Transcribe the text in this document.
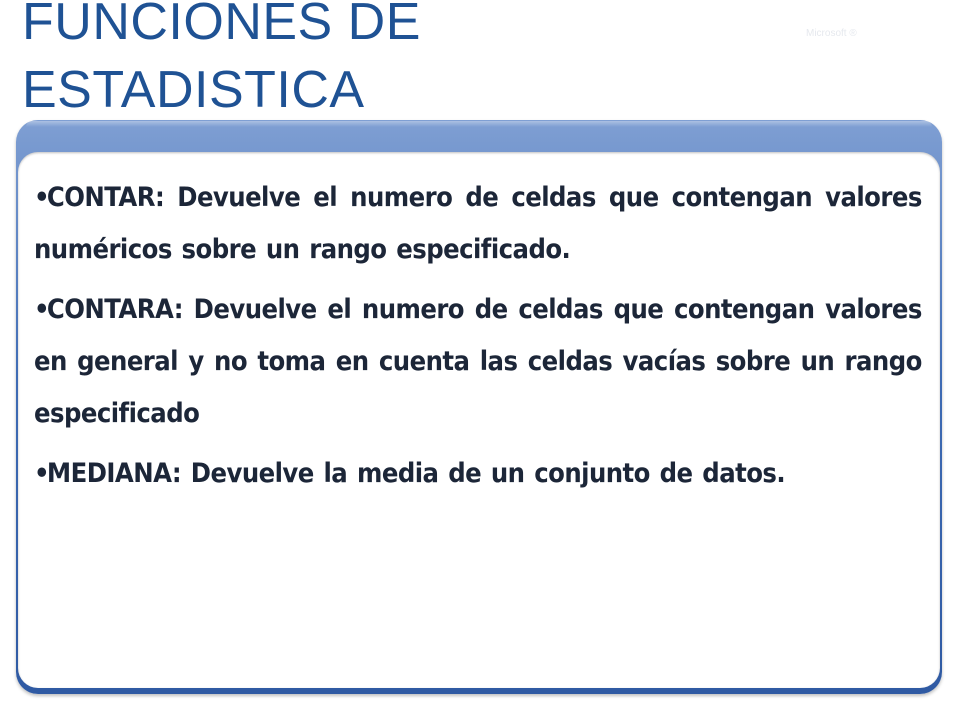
FUNCIONES DE
ESTADISTICA
Microsoft ®
•CONTAR: Devuelve el numero de celdas que contengan valores numéricos sobre un rango especificado.
•CONTARA: Devuelve el numero de celdas que contengan valores en general y no toma en cuenta las celdas vacías sobre un rango especificado
•MEDIANA: Devuelve la media de un conjunto de datos.
